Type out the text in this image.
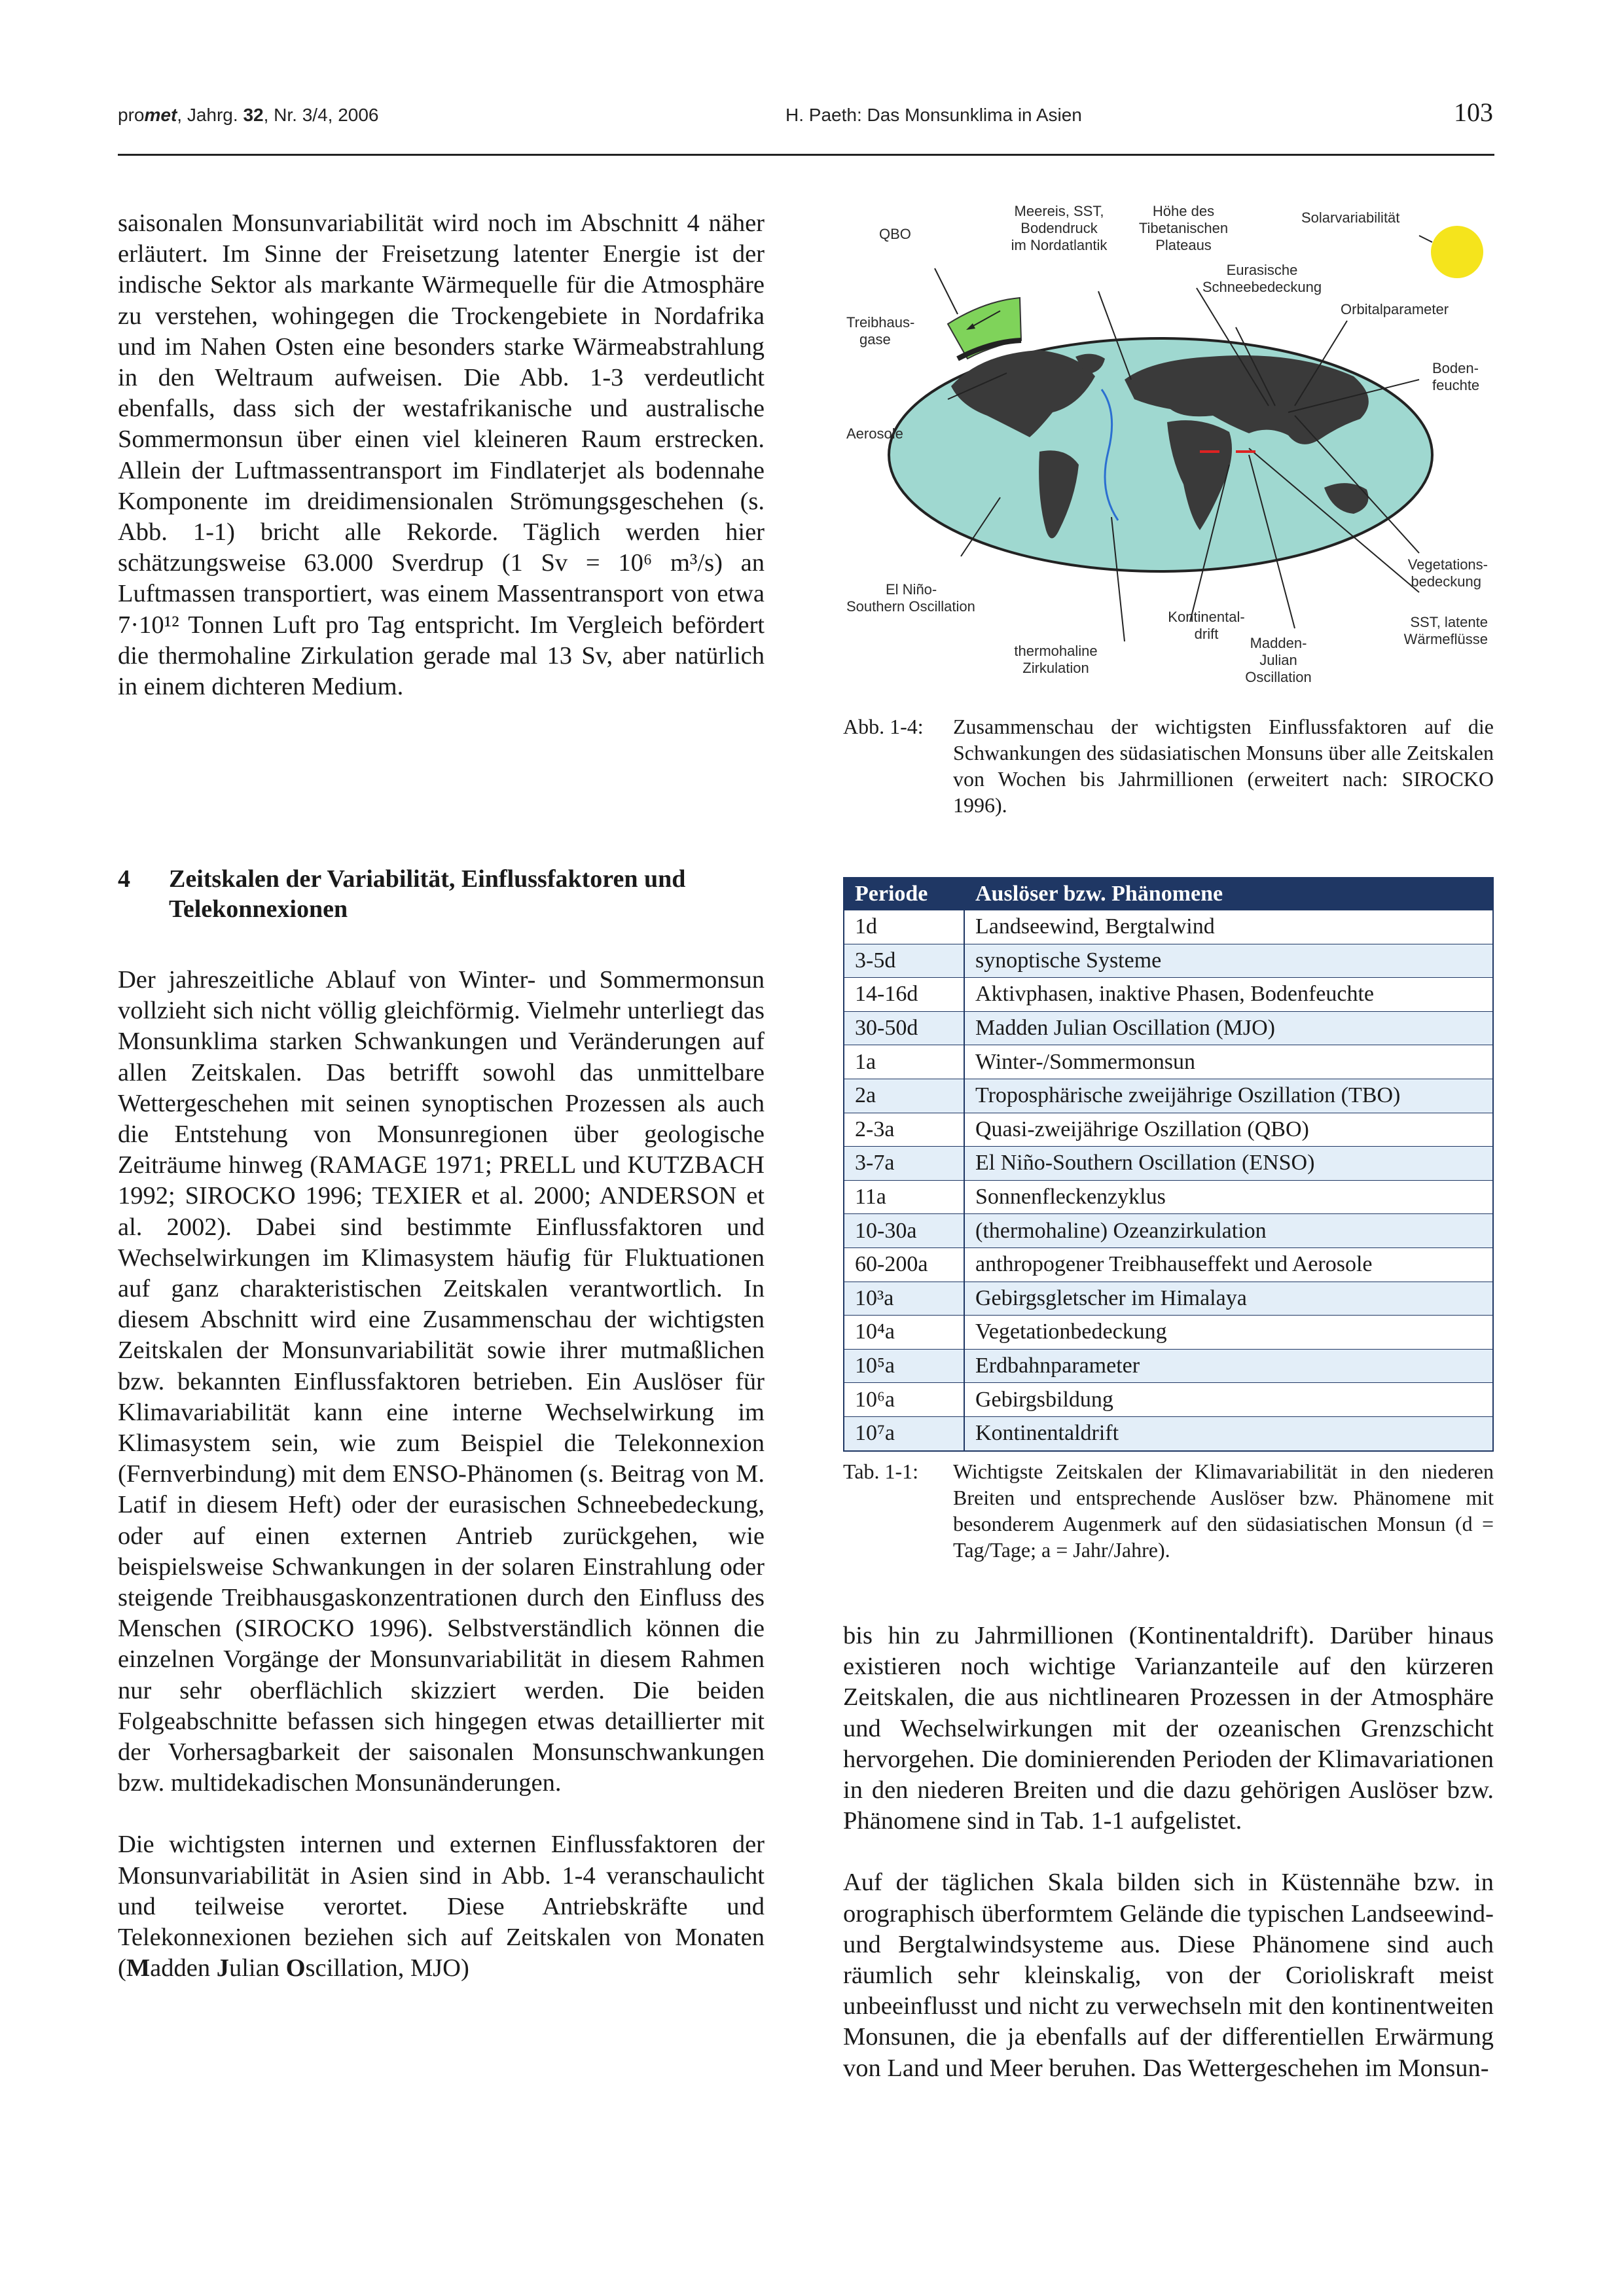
promet, Jahrg. 32, Nr. 3/4, 2006	H. Paeth: Das Monsunklima in Asien	103

saisonalen Monsunvariabilität wird noch im Abschnitt 4 näher erläutert. Im Sinne der Freisetzung latenter Energie ist der indische Sektor als markante Wärmequelle für die Atmosphäre zu verstehen, wohingegen die Trockengebiete in Nordafrika und im Nahen Osten eine besonders starke Wärmeabstrahlung in den Weltraum aufweisen. Die Abb. 1-3 verdeutlicht ebenfalls, dass sich der westafrikanische und australische Sommermonsun über einen viel kleineren Raum erstrecken. Allein der Luftmassentransport im Findlaterjet als bodennahe Komponente im dreidimensionalen Strömungsgeschehen (s. Abb. 1-1) bricht alle Rekorde. Täglich werden hier schätzungsweise 63.000 Sverdrup (1 Sv = 10⁶ m³/s) an Luftmassen transportiert, was einem Massentransport von etwa 7·10¹² Tonnen Luft pro Tag entspricht. Im Vergleich befördert die thermohaline Zirkulation gerade mal 13 Sv, aber natürlich in einem dichteren Medium.

4 Zeitskalen der Variabilität, Einflussfaktoren und Telekonnexionen

Der jahreszeitliche Ablauf von Winter- und Sommermonsun vollzieht sich nicht völlig gleichförmig. Vielmehr unterliegt das Monsunklima starken Schwankungen und Veränderungen auf allen Zeitskalen. Das betrifft sowohl das unmittelbare Wettergeschehen mit seinen synoptischen Prozessen als auch die Entstehung von Monsunregionen über geologische Zeiträume hinweg (RAMAGE 1971; PRELL und KUTZBACH 1992; SIROCKO 1996; TEXIER et al. 2000; ANDERSON et al. 2002). Dabei sind bestimmte Einflussfaktoren und Wechselwirkungen im Klimasystem häufig für Fluktuationen auf ganz charakteristischen Zeitskalen verantwortlich. In diesem Abschnitt wird eine Zusammenschau der wichtigsten Zeitskalen der Monsunvariabilität sowie ihrer mutmaßlichen bzw. bekannten Einflussfaktoren betrieben. Ein Auslöser für Klimavariabilität kann eine interne Wechselwirkung im Klimasystem sein, wie zum Beispiel die Telekonnexion (Fernverbindung) mit dem ENSO-Phänomen (s. Beitrag von M. Latif in diesem Heft) oder der eurasischen Schneebedeckung, oder auf einen externen Antrieb zurückgehen, wie beispielsweise Schwankungen in der solaren Einstrahlung oder steigende Treibhausgaskonzentrationen durch den Einfluss des Menschen (SIROCKO 1996). Selbstverständlich können die einzelnen Vorgänge der Monsunvariabilität in diesem Rahmen nur sehr oberflächlich skizziert werden. Die beiden Folgeabschnitte befassen sich hingegen etwas detaillierter mit der Vorhersagbarkeit der saisonalen Monsunschwankungen bzw. multidekadischen Monsunänderungen.

Die wichtigsten internen und externen Einflussfaktoren der Monsunvariabilität in Asien sind in Abb. 1-4 veranschaulicht und teilweise verortet. Diese Antriebskräfte und Telekonnexionen beziehen sich auf Zeitskalen von Monaten (Madden Julian Oscillation, MJO)

QBO
Meereis, SST, Bodendruck im Nordatlantik
Höhe des Tibetanischen Plateaus
Solarvariabilität
Eurasische Schneebedeckung
Treibhaus-gase
Orbitalparameter
Boden-feuchte
Aerosole
Vegetations-bedeckung
El Niño-Southern Oscillation
Kontinental-drift
SST, latente Wärmeflüsse
thermohaline Zirkulation
Madden-Julian Oscillation
Abb. 1-4: Zusammenschau der wichtigsten Einflussfaktoren auf die Schwankungen des südasiatischen Monsuns über alle Zeitskalen von Wochen bis Jahrmillionen (erweitert nach: SIROCKO 1996).
Periode	Auslöser bzw. Phänomene
1d	Landseewind, Bergtalwind
3-5d	synoptische Systeme
14-16d	Aktivphasen, inaktive Phasen, Bodenfeuchte
30-50d	Madden Julian Oscillation (MJO)
1a	Winter-/Sommermonsun
2a	Troposphärische zweijährige Oszillation (TBO)
2-3a	Quasi-zweijährige Oszillation (QBO)
3-7a	El Niño-Southern Oscillation (ENSO)
11a	Sonnenfleckenzyklus
10-30a	(thermohaline) Ozeanzirkulation
60-200a	anthropogener Treibhauseffekt und Aerosole
10³a	Gebirgsgletscher im Himalaya
10⁴a	Vegetationbedeckung
10⁵a	Erdbahnparameter
10⁶a	Gebirgsbildung
10⁷a	Kontinentaldrift
Tab. 1-1: Wichtigste Zeitskalen der Klimavariabilität in den niederen Breiten und entsprechende Auslöser bzw. Phänomene mit besonderem Augenmerk auf den südasiatischen Monsun (d = Tag/Tage; a = Jahr/Jahre).

bis hin zu Jahrmillionen (Kontinentaldrift). Darüber hinaus existieren noch wichtige Varianzanteile auf den kürzeren Zeitskalen, die aus nichtlinearen Prozessen in der Atmosphäre und Wechselwirkungen mit der ozeanischen Grenzschicht hervorgehen. Die dominierenden Perioden der Klimavariationen in den niederen Breiten und die dazu gehörigen Auslöser bzw. Phänomene sind in Tab. 1-1 aufgelistet.

Auf der täglichen Skala bilden sich in Küstennähe bzw. in orographisch überformtem Gelände die typischen Landseewind- und Bergtalwindsysteme aus. Diese Phänomene sind auch räumlich sehr kleinskalig, von der Corioliskraft meist unbeeinflusst und nicht zu verwechseln mit den kontinentweiten Monsunen, die ja ebenfalls auf der differentiellen Erwärmung von Land und Meer beruhen. Das Wettergeschehen im Monsun-
